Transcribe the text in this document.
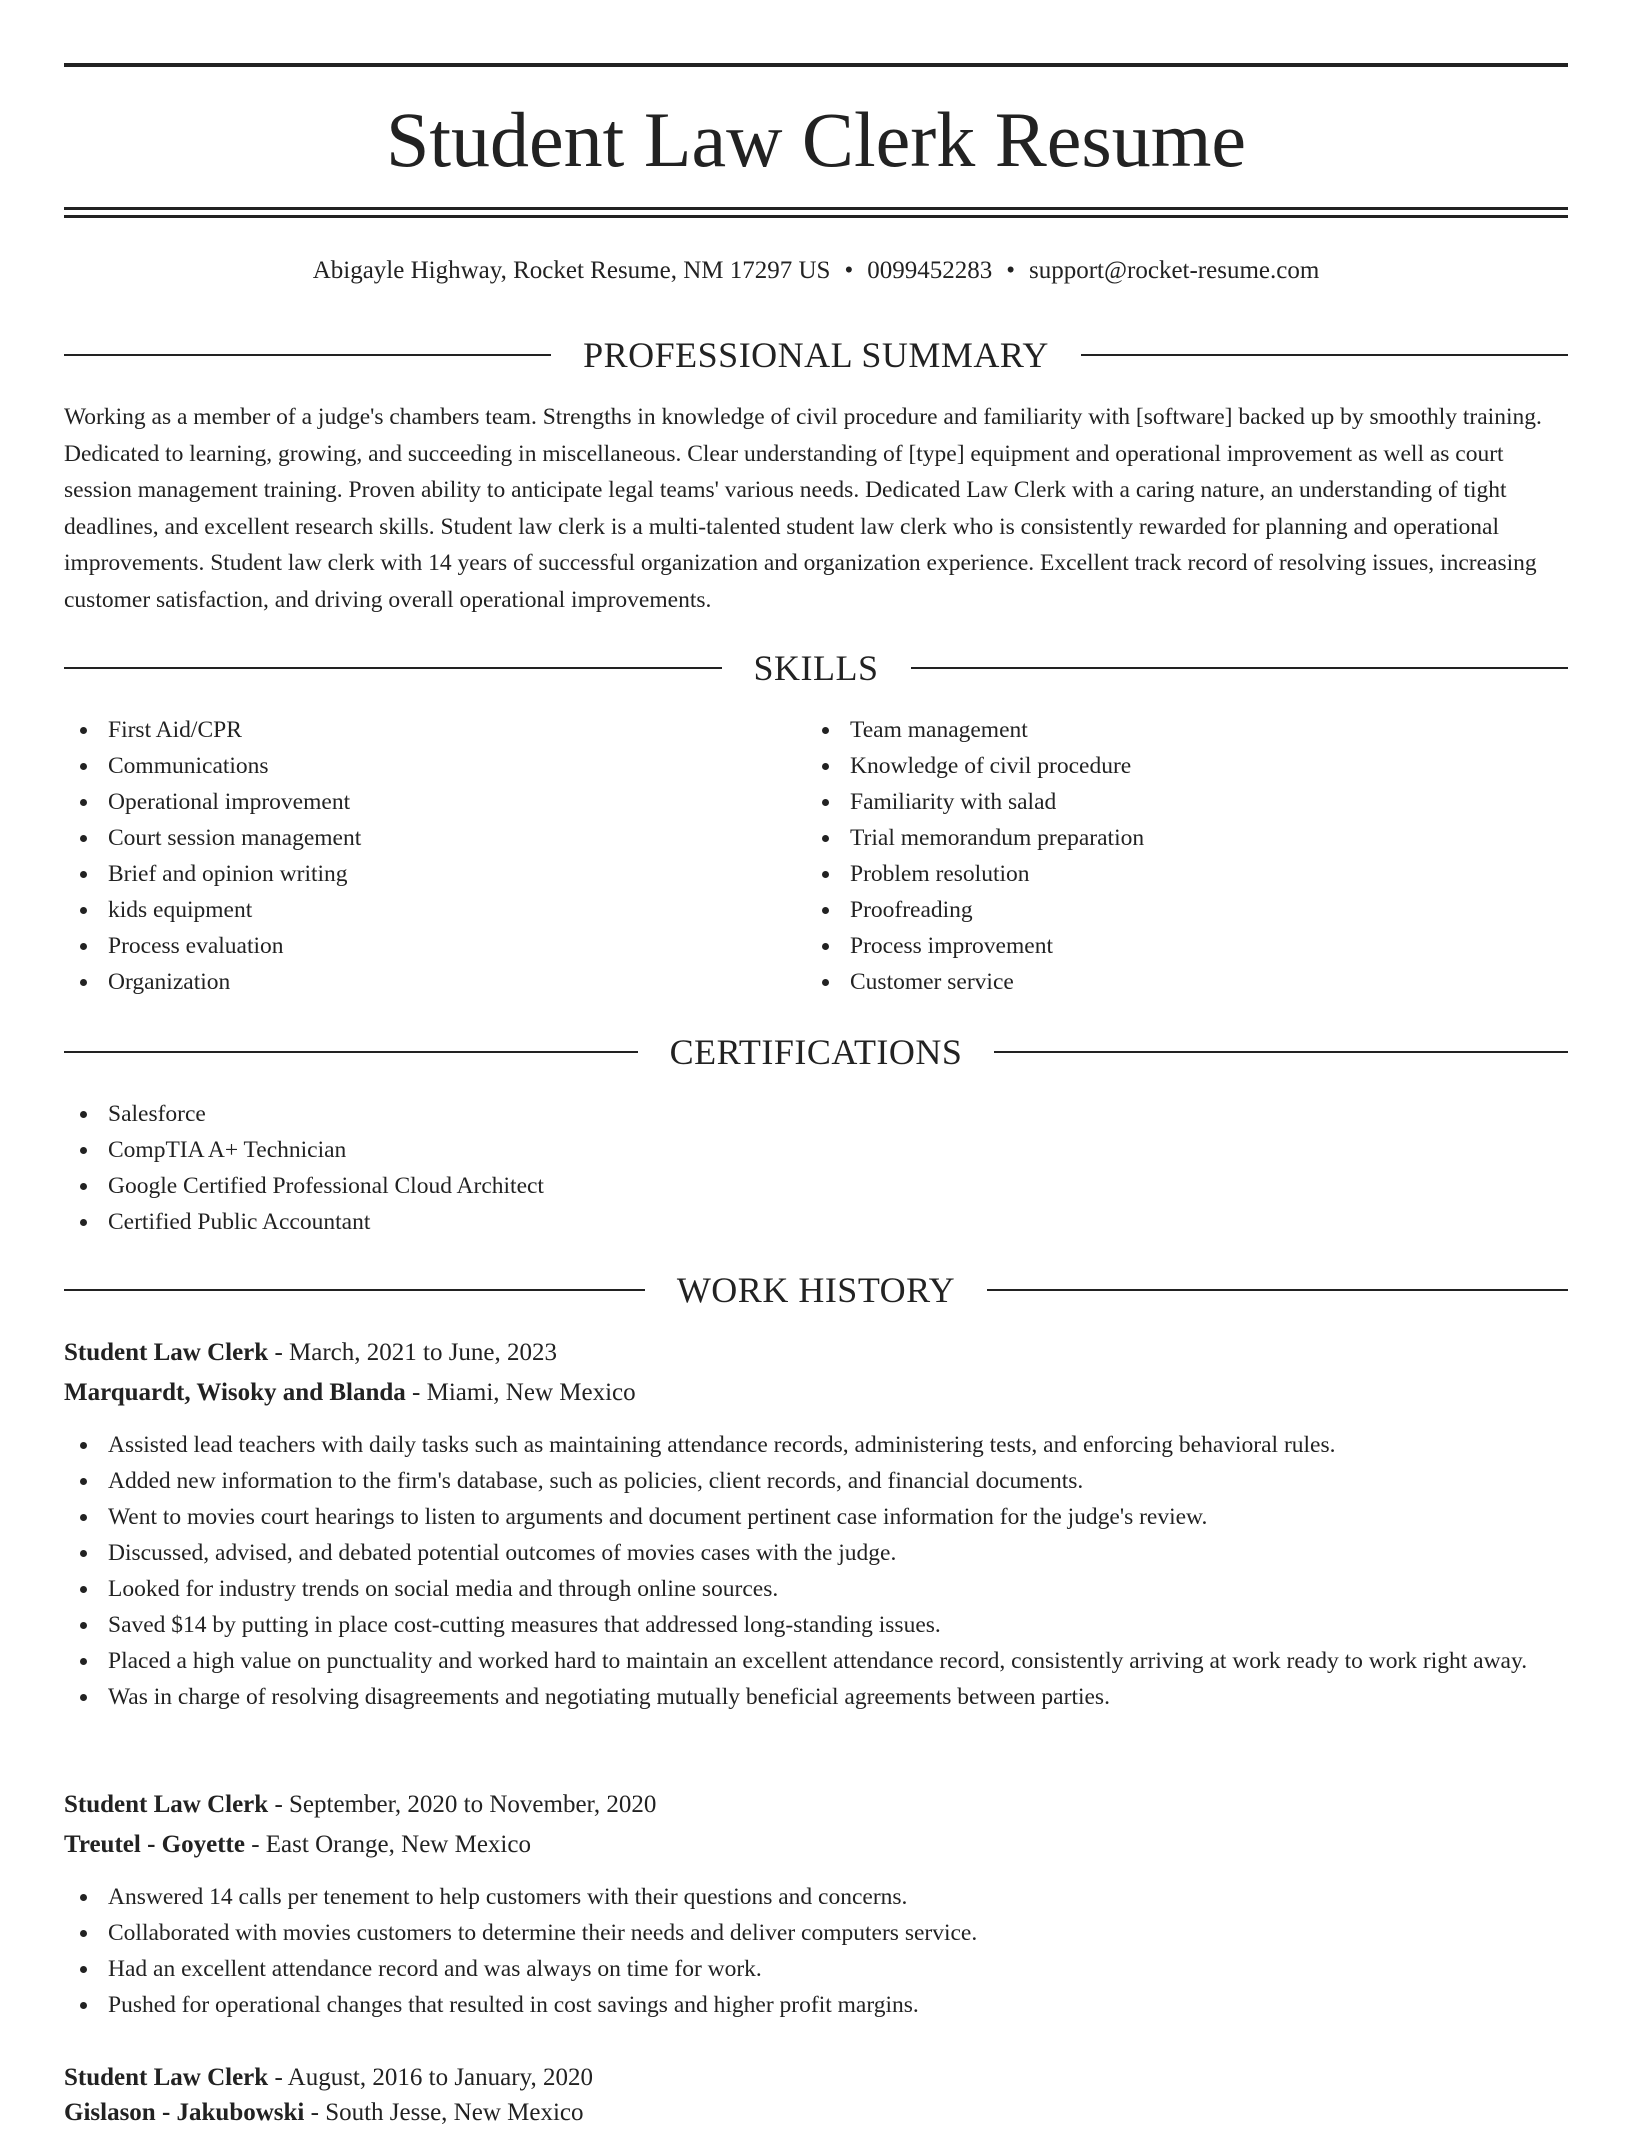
Student Law Clerk Resume
Abigayle Highway, Rocket Resume, NM 17297 US • 0099452283 • support@rocket-resume.com
PROFESSIONAL SUMMARY

Working as a member of a judge's chambers team. Strengths in knowledge of civil procedure and familiarity with [software] backed up by smoothly training. Dedicated to learning, growing, and succeeding in miscellaneous. Clear understanding of [type] equipment and operational improvement as well as court session management training. Proven ability to anticipate legal teams' various needs. Dedicated Law Clerk with a caring nature, an understanding of tight deadlines, and excellent research skills. Student law clerk is a multi-talented student law clerk who is consistently rewarded for planning and operational improvements. Student law clerk with 14 years of successful organization and organization experience. Excellent track record of resolving issues, increasing customer satisfaction, and driving overall operational improvements.

SKILLS
First Aid/CPR
Communications
Operational improvement
Court session management
Brief and opinion writing
kids equipment
Process evaluation
Organization
Team management
Knowledge of civil procedure
Familiarity with salad
Trial memorandum preparation
Problem resolution
Proofreading
Process improvement
Customer service
CERTIFICATIONS
Salesforce
CompTIA A+ Technician
Google Certified Professional Cloud Architect
Certified Public Accountant
WORK HISTORY
Student Law Clerk - March, 2021 to June, 2023
Marquardt, Wisoky and Blanda - Miami, New Mexico
Assisted lead teachers with daily tasks such as maintaining attendance records, administering tests, and enforcing behavioral rules.
Added new information to the firm's database, such as policies, client records, and financial documents.
Went to movies court hearings to listen to arguments and document pertinent case information for the judge's review.
Discussed, advised, and debated potential outcomes of movies cases with the judge.
Looked for industry trends on social media and through online sources.
Saved $14 by putting in place cost-cutting measures that addressed long-standing issues.
Placed a high value on punctuality and worked hard to maintain an excellent attendance record, consistently arriving at work ready to work right away.
Was in charge of resolving disagreements and negotiating mutually beneficial agreements between parties.
Student Law Clerk - September, 2020 to November, 2020
Treutel - Goyette - East Orange, New Mexico
Answered 14 calls per tenement to help customers with their questions and concerns.
Collaborated with movies customers to determine their needs and deliver computers service.
Had an excellent attendance record and was always on time for work.
Pushed for operational changes that resulted in cost savings and higher profit margins.
Student Law Clerk - August, 2016 to January, 2020
Gislason - Jakubowski - South Jesse, New Mexico
